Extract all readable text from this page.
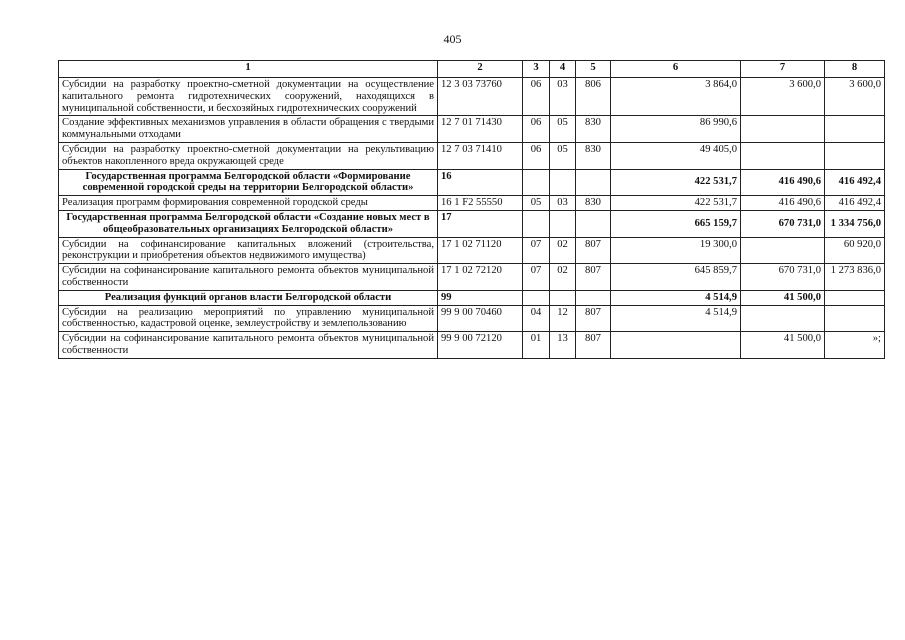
405
1	2	3	4	5	6	7	8
Субсидии на разработку проектно-сметной документации на осуществление капитального ремонта гидротехнических сооружений, находящихся в муниципальной собственности, и бесхозяйных гидротехнических сооружений	12 3 03 73760	06	03	806	3 864,0	3 600,0	3 600,0
Создание эффективных механизмов управления в области обращения с твердыми коммунальными отходами	12 7 01 71430	06	05	830	86 990,6		
Субсидии на разработку проектно-сметной документации на рекультивацию объектов накопленного вреда окружающей среде	12 7 03 71410	06	05	830	49 405,0		
Государственная программа Белгородской области «Формирование современной городской среды на территории Белгородской области»	16				422 531,7	416 490,6	416 492,4
Реализация программ формирования современной городской среды	16 1 F2 55550	05	03	830	422 531,7	416 490,6	416 492,4
Государственная программа Белгородской области «Создание новых мест в общеобразовательных организациях Белгородской области»	17				665 159,7	670 731,0	1 334 756,0
Субсидии на софинансирование капитальных вложений (строительства, реконструкции и приобретения объектов недвижимого имущества)	17 1 02 71120	07	02	807	19 300,0		60 920,0
Субсидии на софинансирование капитального ремонта объектов муниципальной собственности	17 1 02 72120	07	02	807	645 859,7	670 731,0	1 273 836,0
Реализация функций органов власти Белгородской области	99				4 514,9	41 500,0	
Субсидии на реализацию мероприятий по управлению муниципальной собственностью, кадастровой оценке, землеустройству и землепользованию	99 9 00 70460	04	12	807	4 514,9		
Субсидии на софинансирование капитального ремонта объектов муниципальной собственности	99 9 00 72120	01	13	807		41 500,0	»;
